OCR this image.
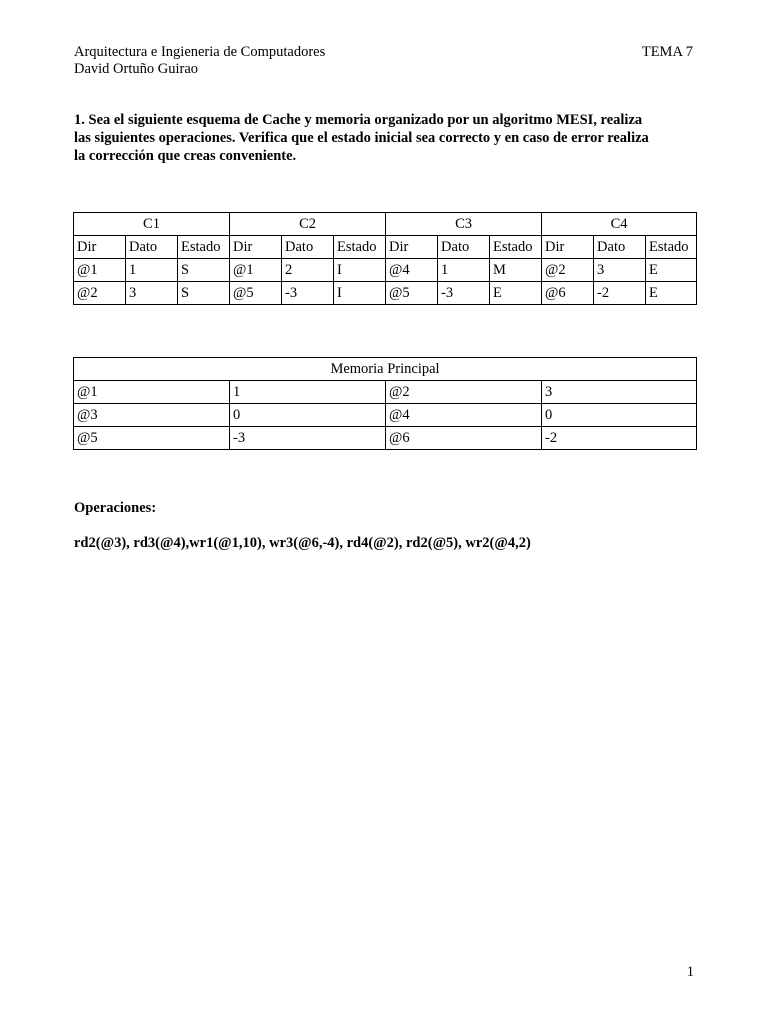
Arquitectura e Ingieneria de Computadores
David Ortuño Guirao
TEMA 7
1. Sea el siguiente esquema de Cache y memoria organizado por un algoritmo MESI, realiza
las siguientes operaciones. Verifica que el estado inicial sea correcto y en caso de error realiza
la corrección que creas conveniente.
C1			C2			C3			C4		
Dir	Dato	Estado	Dir	Dato	Estado	Dir	Dato	Estado	Dir	Dato	Estado
@1	1	S	@1	2	I	@4	1	M	@2	3	E
@2	3	S	@5	-3	I	@5	-3	E	@6	-2	E
Memoria Principal			
@1	1	@2	3
@3	0	@4	0
@5	-3	@6	-2
Operaciones:
rd2(@3), rd3(@4),wr1(@1,10), wr3(@6,-4), rd4(@2), rd2(@5), wr2(@4,2)
1
